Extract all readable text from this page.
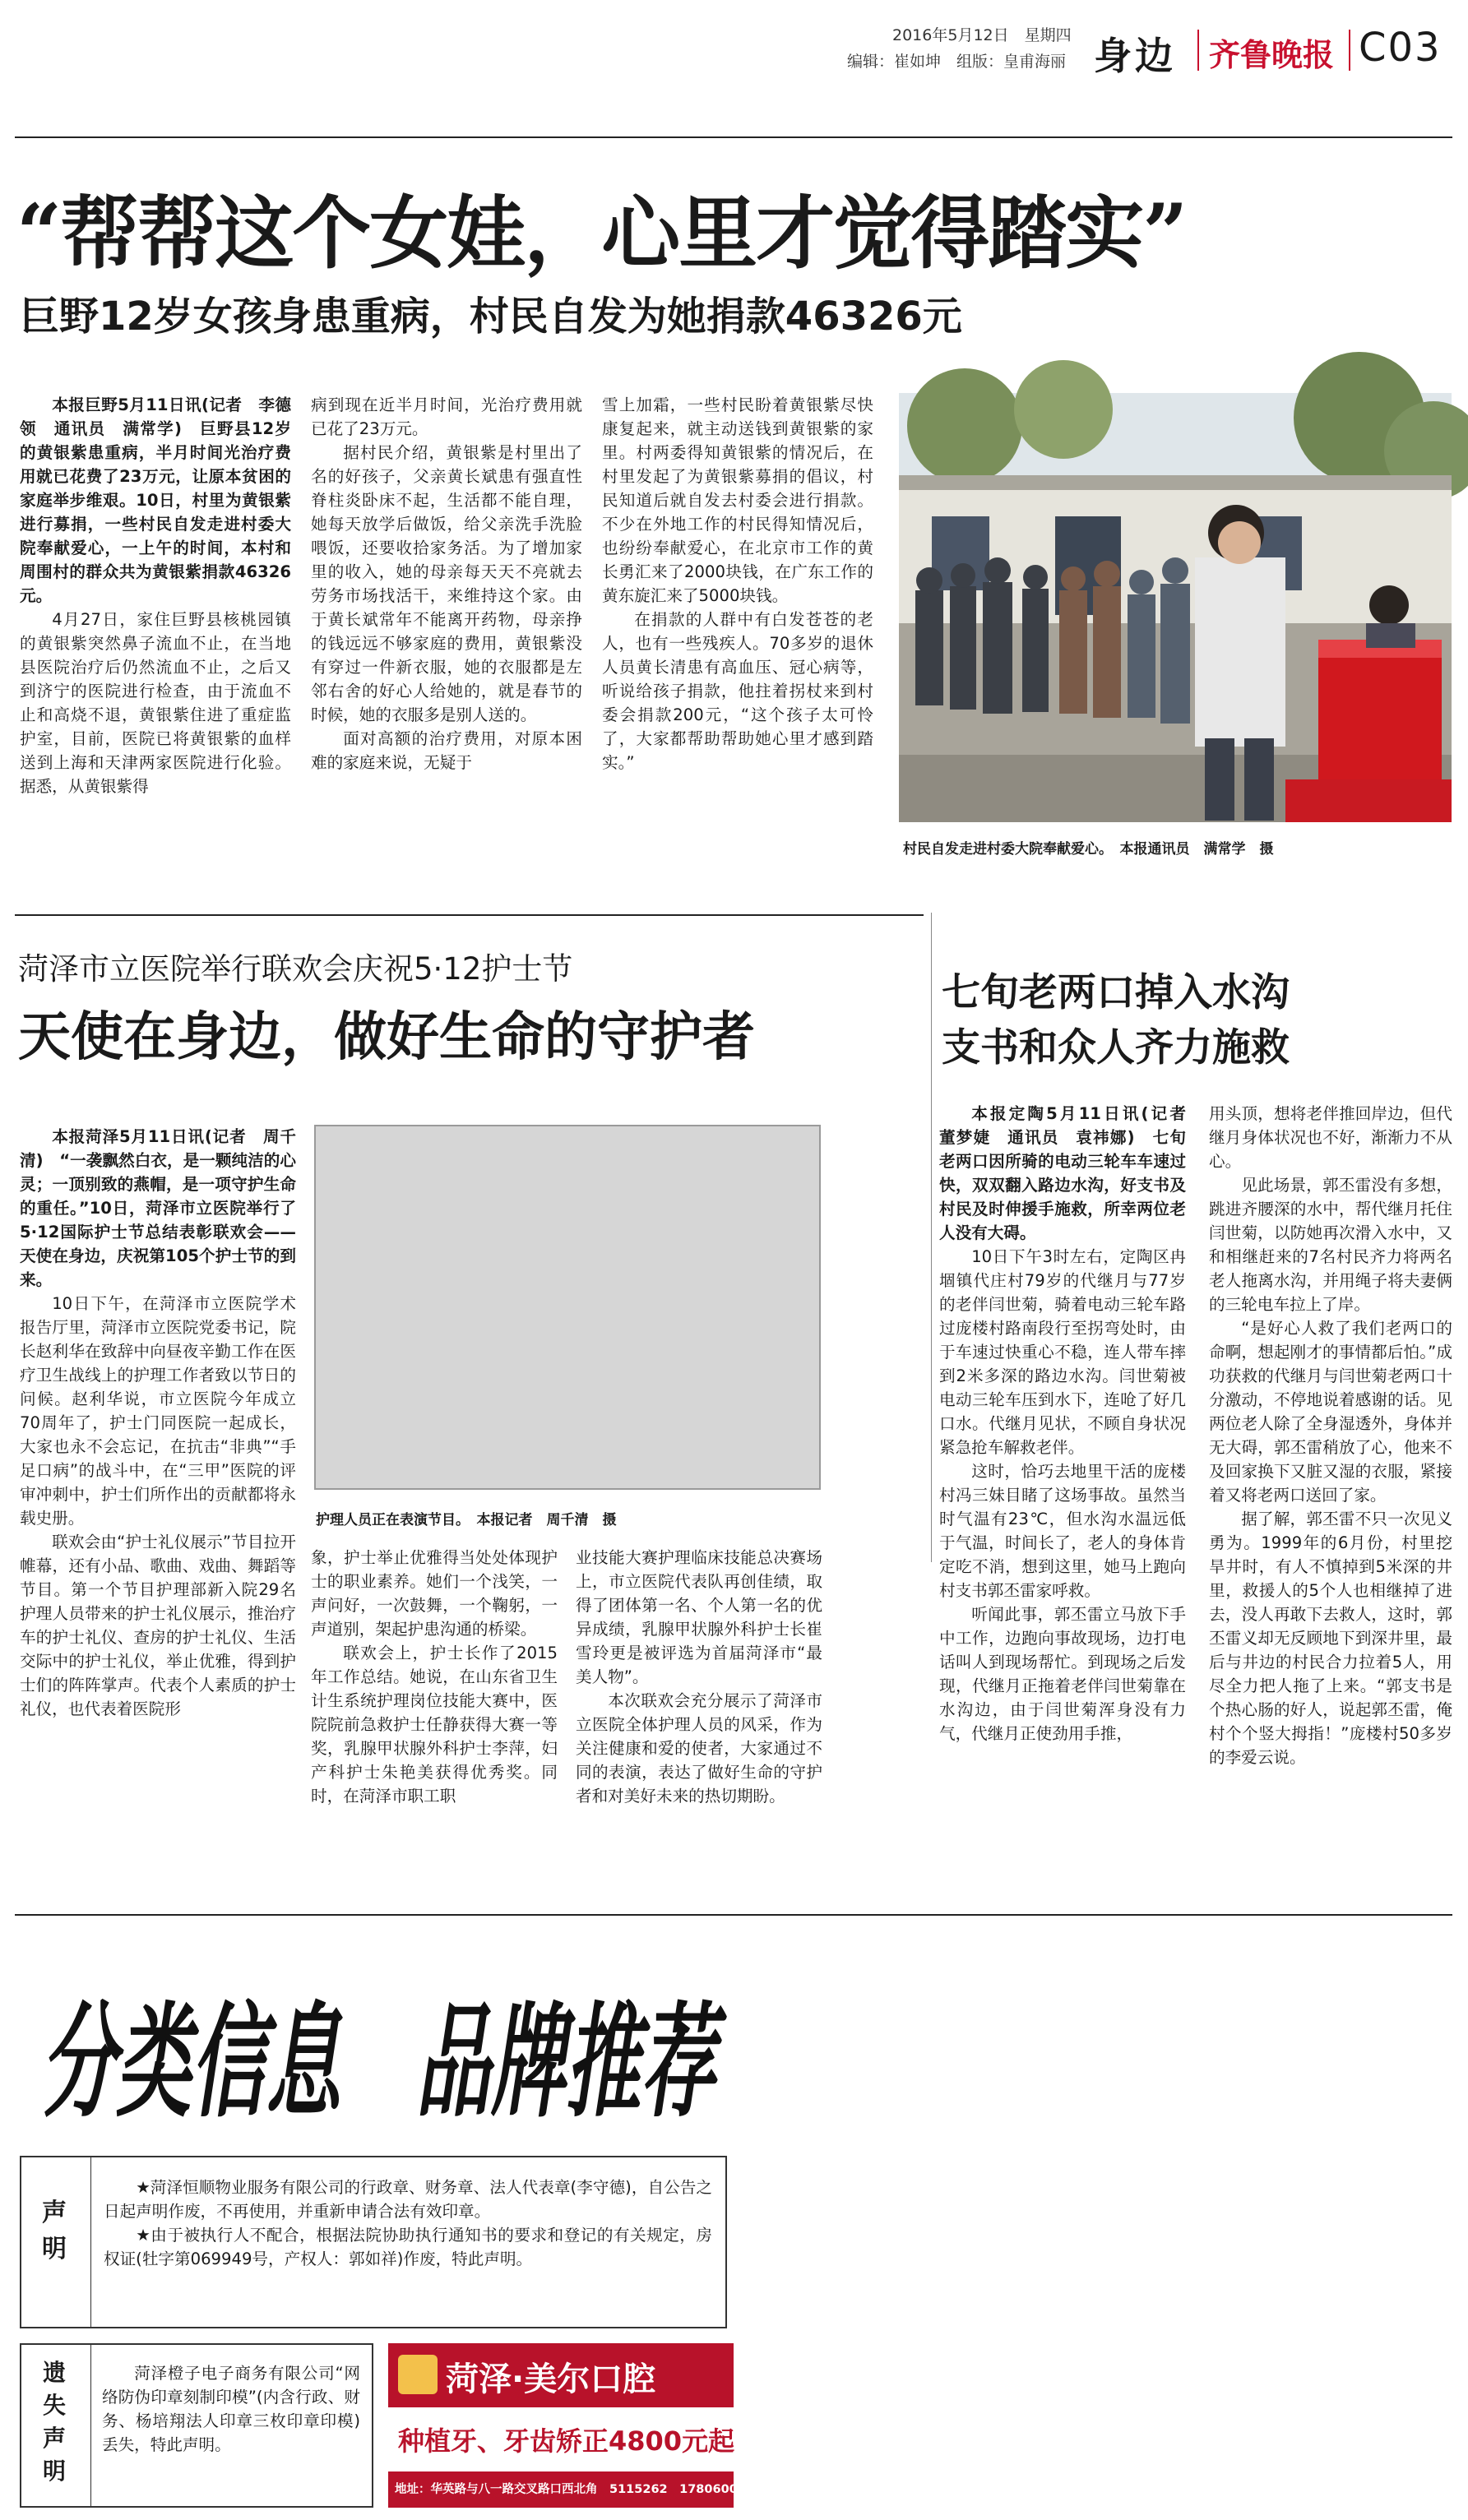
2016年5月12日　星期四
编辑：崔如坤　组版：皇甫海丽 身边 齐鲁晚报 C03
“帮帮这个女娃，心里才觉得踏实”
巨野12岁女孩身患重病，村民自发为她捐款46326元

本报巨野5月11日讯(记者　李德领　通讯员　满常学)　巨野县12岁的黄银紫患重病，半月时间光治疗费用就已花费了23万元，让原本贫困的家庭举步维艰。10日，村里为黄银紫进行募捐，一些村民自发走进村委大院奉献爱心，一上午的时间，本村和周围村的群众共为黄银紫捐款46326元。

4月27日，家住巨野县核桃园镇的黄银紫突然鼻子流血不止，在当地县医院治疗后仍然流血不止，之后又到济宁的医院进行检查，由于流血不止和高烧不退，黄银紫住进了重症监护室，目前，医院已将黄银紫的血样送到上海和天津两家医院进行化验。据悉，从黄银紫得

病到现在近半月时间，光治疗费用就已花了23万元。

据村民介绍，黄银紫是村里出了名的好孩子，父亲黄长斌患有强直性脊柱炎卧床不起，生活都不能自理，她每天放学后做饭，给父亲洗手洗脸喂饭，还要收拾家务活。为了增加家里的收入，她的母亲每天天不亮就去劳务市场找活干，来维持这个家。由于黄长斌常年不能离开药物，母亲挣的钱远远不够家庭的费用，黄银紫没有穿过一件新衣服，她的衣服都是左邻右舍的好心人给她的，就是春节的时候，她的衣服多是别人送的。

面对高额的治疗费用，对原本困难的家庭来说，无疑于

雪上加霜，一些村民盼着黄银紫尽快康复起来，就主动送钱到黄银紫的家里。村两委得知黄银紫的情况后，在村里发起了为黄银紫募捐的倡议，村民知道后就自发去村委会进行捐款。不少在外地工作的村民得知情况后，也纷纷奉献爱心，在北京市工作的黄长勇汇来了2000块钱，在广东工作的黄东旋汇来了5000块钱。

在捐款的人群中有白发苍苍的老人，也有一些残疾人。70多岁的退休人员黄长清患有高血压、冠心病等，听说给孩子捐款，他拄着拐杖来到村委会捐款200元，“这个孩子太可怜了，大家都帮助帮助她心里才感到踏实。”

村民自发走进村委大院奉献爱心。　本报通讯员　满常学　摄
菏泽市立医院举行联欢会庆祝5·12护士节
天使在身边，做好生命的守护者

本报菏泽5月11日讯(记者　周千清)　“一袭飘然白衣，是一颗纯洁的心灵；一顶别致的燕帽，是一项守护生命的重任。”10日，菏泽市立医院举行了5·12国际护士节总结表彰联欢会——天使在身边，庆祝第105个护士节的到来。

10日下午，在菏泽市立医院学术报告厅里，菏泽市立医院党委书记，院长赵利华在致辞中向昼夜辛勤工作在医疗卫生战线上的护理工作者致以节日的问候。赵利华说，市立医院今年成立70周年了，护士门同医院一起成长，大家也永不会忘记，在抗击“非典”“手足口病”的战斗中，在“三甲”医院的评审冲刺中，护士们所作出的贡献都将永载史册。

联欢会由“护士礼仪展示”节目拉开帷幕，还有小品、歌曲、戏曲、舞蹈等节目。第一个节目护理部新入院29名护理人员带来的护士礼仪展示，推治疗车的护士礼仪、查房的护士礼仪、生活交际中的护士礼仪，举止优雅，得到护士们的阵阵掌声。代表个人素质的护士礼仪，也代表着医院形

护理人员正在表演节目。　本报记者　周千清　摄

象，护士举止优雅得当处处体现护士的职业素养。她们一个浅笑，一声问好，一次鼓舞，一个鞠躬，一声道别，架起护患沟通的桥梁。

联欢会上，护士长作了2015年工作总结。她说，在山东省卫生计生系统护理岗位技能大赛中，医院院前急救护士任静获得大赛一等奖，乳腺甲状腺外科护士李萍，妇产科护士朱艳美获得优秀奖。同时，在菏泽市职工职

业技能大赛护理临床技能总决赛场上，市立医院代表队再创佳绩，取得了团体第一名、个人第一名的优异成绩，乳腺甲状腺外科护士长崔雪玲更是被评选为首届菏泽市“最美人物”。

本次联欢会充分展示了菏泽市立医院全体护理人员的风采，作为关注健康和爱的使者，大家通过不同的表演，表达了做好生命的守护者和对美好未来的热切期盼。

七旬老两口掉入水沟
支书和众人齐力施救

本报定陶5月11日讯(记者　董梦婕　通讯员　袁祎娜)　七旬老两口因所骑的电动三轮车车速过快，双双翻入路边水沟，好支书及村民及时伸援手施救，所幸两位老人没有大碍。

10日下午3时左右，定陶区冉堌镇代庄村79岁的代继月与77岁的老伴闫世菊，骑着电动三轮车路过庞楼村路南段行至拐弯处时，由于车速过快重心不稳，连人带车摔到2米多深的路边水沟。闫世菊被电动三轮车压到水下，连呛了好几口水。代继月见状，不顾自身状况紧急抢车解救老伴。

这时，恰巧去地里干活的庞楼村冯三妹目睹了这场事故。虽然当时气温有23℃，但水沟水温远低于气温，时间长了，老人的身体肯定吃不消，想到这里，她马上跑向村支书郭丕雷家呼救。

听闻此事，郭丕雷立马放下手中工作，边跑向事故现场，边打电话叫人到现场帮忙。到现场之后发现，代继月正拖着老伴闫世菊靠在水沟边，由于闫世菊浑身没有力气，代继月正使劲用手推，

用头顶，想将老伴推回岸边，但代继月身体状况也不好，渐渐力不从心。

见此场景，郭丕雷没有多想，跳进齐腰深的水中，帮代继月托住闫世菊，以防她再次滑入水中，又和相继赶来的7名村民齐力将两名老人拖离水沟，并用绳子将夫妻俩的三轮电车拉上了岸。

“是好心人救了我们老两口的命啊，想起刚才的事情都后怕。”成功获救的代继月与闫世菊老两口十分激动，不停地说着感谢的话。见两位老人除了全身湿透外，身体并无大碍，郭丕雷稍放了心，他来不及回家换下又脏又湿的衣服，紧接着又将老两口送回了家。

据了解，郭丕雷不只一次见义勇为。1999年的6月份，村里挖旱井时，有人不慎掉到5米深的井里，救援人的5个人也相继掉了进去，没人再敢下去救人，这时，郭丕雷义却无反顾地下到深井里，最后与井边的村民合力拉着5人，用尽全力把人拖了上来。“郭支书是个热心肠的好人，说起郭丕雷，俺村个个竖大拇指！”庞楼村50多岁的李爱云说。

分类信息　品牌推荐
声明
★菏泽恒顺物业服务有限公司的行政章、财务章、法人代表章(李守德)，自公告之日起声明作废，不再使用，并重新申请合法有效印章。
★由于被执行人不配合，根据法院协助执行通知书的要求和登记的有关规定，房权证(牡字第069949号，产权人：郭如祥)作废，特此声明。
遗失声明
菏泽橙子电子商务有限公司“网络防伪印章刻制印模”(内含行政、财务、杨培翔法人印章三枚印章印模)丢失，特此声明。
菏泽·美尔口腔
种植牙、牙齿矫正4800元起
地址：华英路与八一路交叉路口西北角　5115262　17806006898
